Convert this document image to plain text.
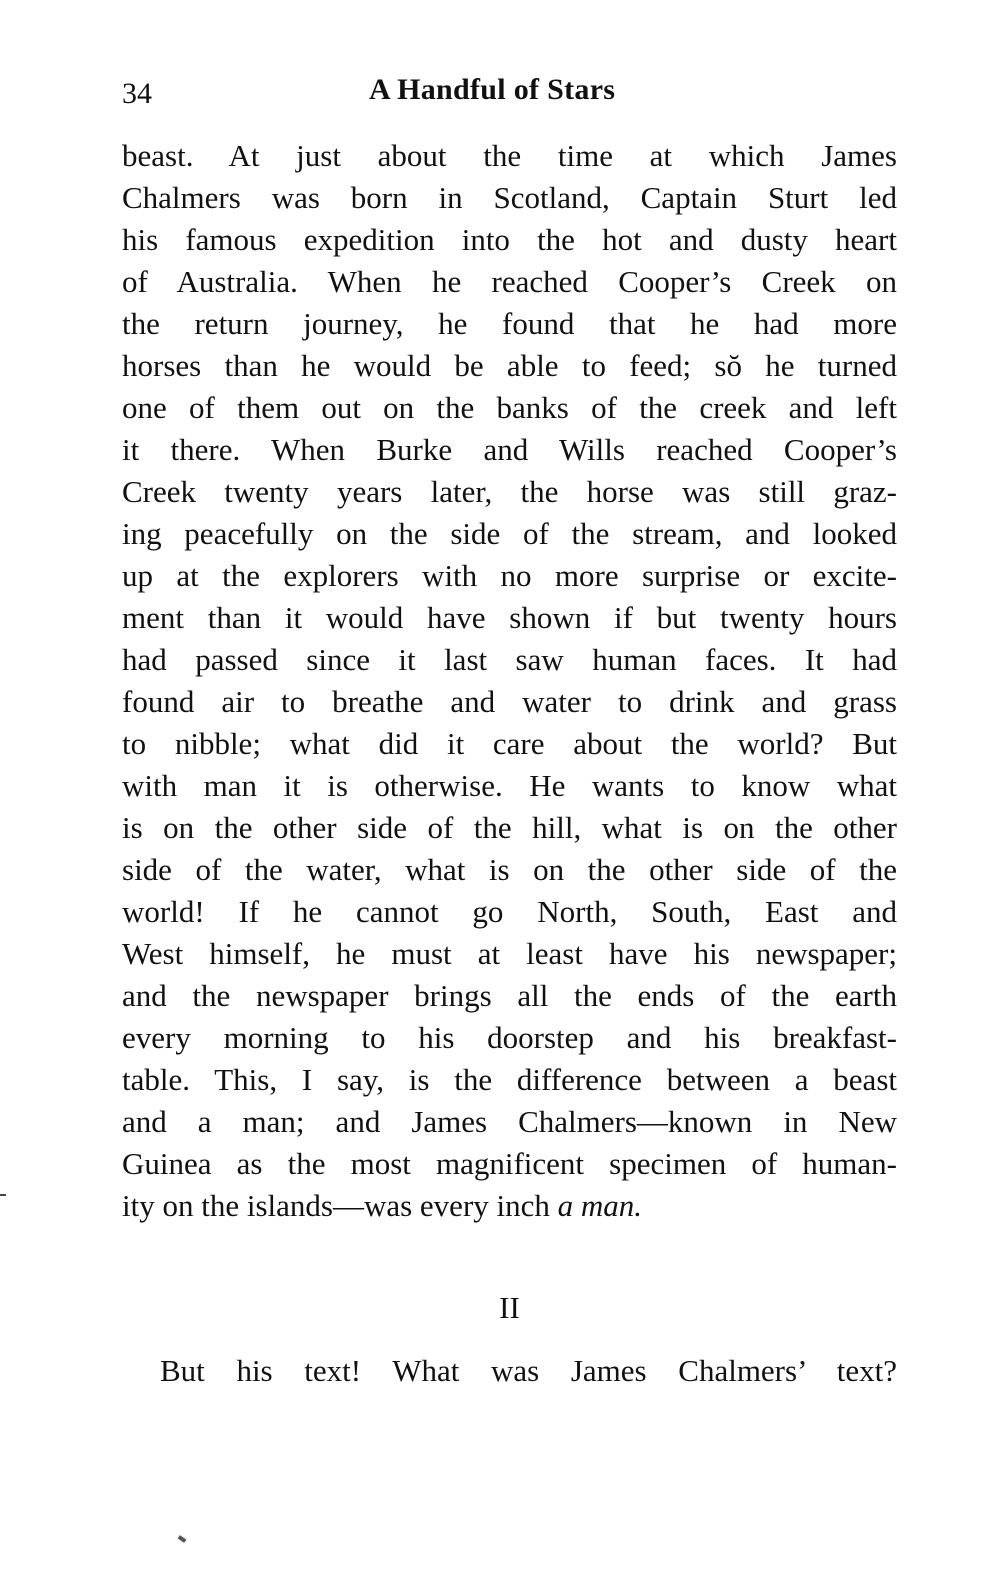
34	A Handful of Stars
beast. At just about the time at which James
Chalmers was born in Scotland, Captain Sturt led
his famous expedition into the hot and dusty heart
of Australia. When he reached Cooper’s Creek on
the return journey, he found that he had more
horses than he would be able to feed; sŏ he turned
one of them out on the banks of the creek and left
it there. When Burke and Wills reached Cooper’s
Creek twenty years later, the horse was still graz-
ing peacefully on the side of the stream, and looked
up at the explorers with no more surprise or excite-
ment than it would have shown if but twenty hours
had passed since it last saw human faces. It had
found air to breathe and water to drink and grass
to nibble; what did it care about the world? But
with man it is otherwise. He wants to know what
is on the other side of the hill, what is on the other
side of the water, what is on the other side of the
world! If he cannot go North, South, East and
West himself, he must at least have his newspaper;
and the newspaper brings all the ends of the earth
every morning to his doorstep and his breakfast-
table. This, I say, is the difference between a beast
and a man; and James Chalmers—known in New
Guinea as the most magnificent specimen of human-
ity on the islands—was every inch a man.
II
But his text! What was James Chalmers’ text?
